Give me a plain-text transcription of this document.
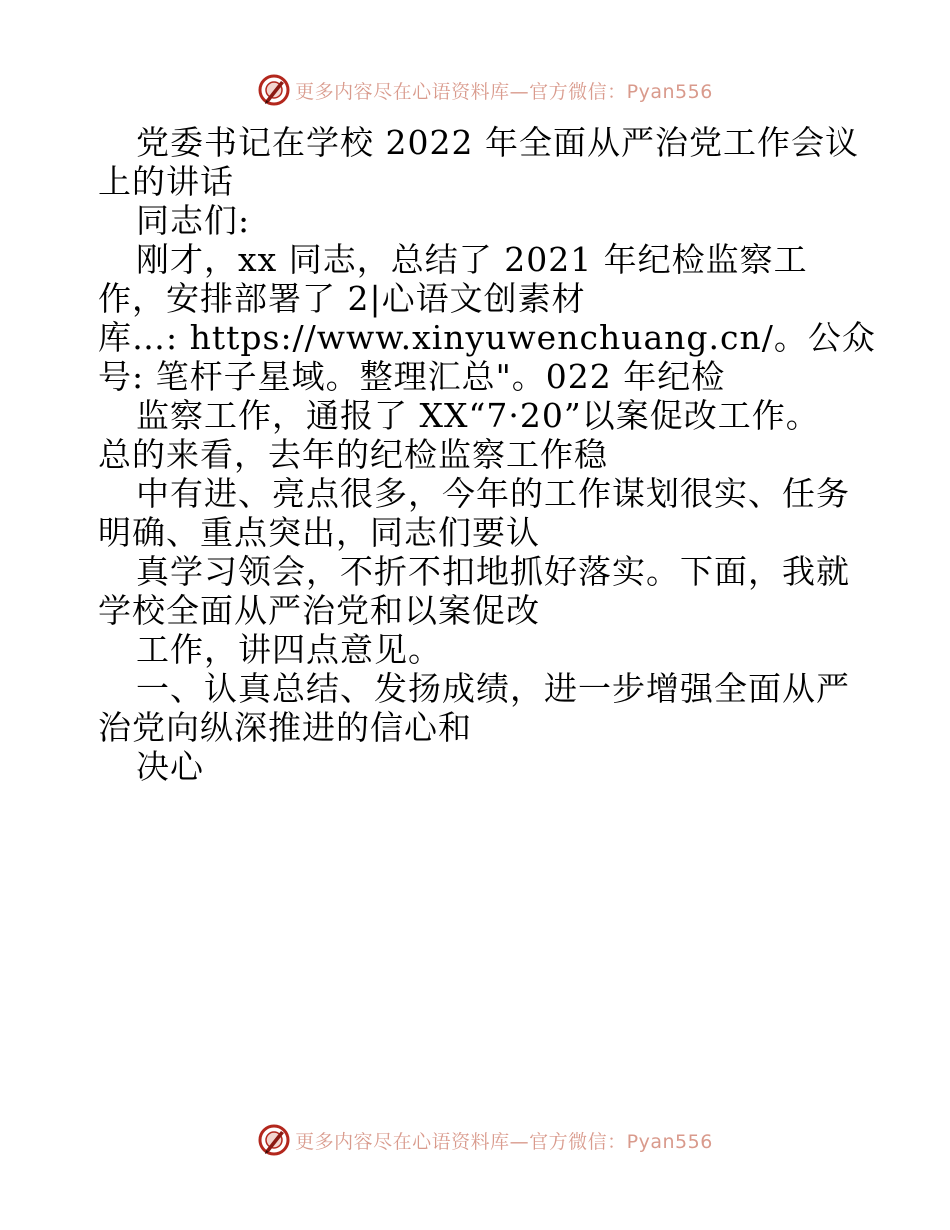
更多内容尽在心语资料库—官方微信：Pyan556

党委书记在学校 2022 年全面从严治党工作会议

上的讲话

同志们:

刚才，xx 同志，总结了 2021 年纪检监察工

作，安排部署了 2|心语文创素材

库…: https://www.xinyuwenchuang.cn/。公众

号: 笔杆子星域。整理汇总"。022 年纪检

监察工作，通报了 XX“7·20”以案促改工作。

总的来看，去年的纪检监察工作稳

中有进、亮点很多，今年的工作谋划很实、任务

明确、重点突出，同志们要认

真学习领会，不折不扣地抓好落实。下面，我就

学校全面从严治党和以案促改

工作，讲四点意见。

一、认真总结、发扬成绩，进一步增强全面从严

治党向纵深推进的信心和

决心

更多内容尽在心语资料库—官方微信：Pyan556
